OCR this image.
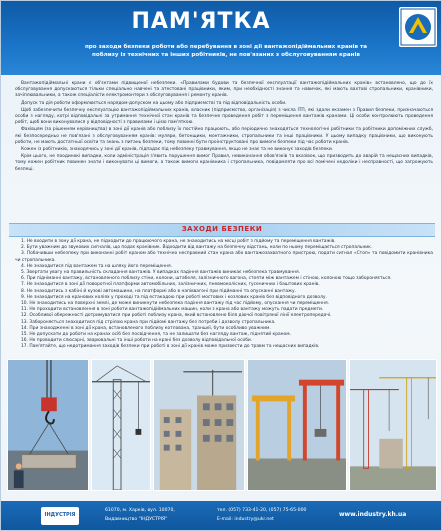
ПАМ'ЯТКА
про заходи безпеки роботи або перебування в зоні дії вантажопідіймальних кранів та поблизу із технічних та інших робітників, не пов'язаних з обслуговуванням кранів

Вантажопідіймальні крани є об'єктами підвищеної небезпеки. «Правилами будови та безпечної експлуатації вантажопідіймальних кранів» встановлено, що до їх обслуговування допускаються тільки спеціально навчені та атестовані працівники, яким, при необхідності знання та навичок, які мають вахтові стропальники, кранівники, зачіплювальники, а також спеціалісти електромонтери з обслуговування і ремонту кранів.

Допуск та дія роботи оформлюється нарядом-допуском на цьому або підприємстві та під відповідальність особи.

Щоб забезпечити безпечну експлуатацію вантажопідіймальних кранів, власник (підприємство, організація) з числа ІТП, які здали екзамен з Правил безпеки, призначаються особи з нагляду, котрі відповідальні за утримання технічної стан кранів та безпечне проведення робіт з переміщення вантажів кранами. Ці особи контролюють проведення робіт, щоб вони виконувалися у відповідності з правилами і цією пам'яткою.

Фахівцям (за рішенням керівництва) в зоні дії кранів або поблизу їх постійно працюють, або періодично знаходяться технологічні робітники та робітники допоміжних служб, які безпосередньо не пов'язані з обслуговуванням кранів: муляри, бетонщики, монтажники, стропальники та інші працівники. У цьому випадку працівники, що виконують роботи, не мають достатньої освіти та знань з питань безпеки, тому повинні бути проінструктовані про вимоги безпеки під час роботи кранів.

Кожен із робітників, знаходячись у зоні дії кранів, підпадає під небезпеку травмування, якщо не знає та не виконує заходів безпеки.

Крім цього, не поодинокі випадки, коли адміністрація з'явить порушення вимог Правил, невиконання обов'язків та вказівок, що призводить до аварій та нещасних випадків, тому кожен робітник повинен знати і виконувати ці вимоги, а також вимоги кранівника і стропальника, повідомляти про всі помічені недоліки і несправності, що загрожують безпеці.

ЗАХОДИ БЕЗПЕКИ
1. Не входити в зону дії крана, не підходити до працюючого крана, не знаходитись на місці робіт з підйому та переміщення вантажів.
2. Бути уважним до звукових сигналів, що подає кранівник. Відходити від вантажу на безпечну відстань, коли по ньому переміщається стропальник.
3. Побачивши небезпеку при виконанні робіт краном або технічно несправний стан крана або вантажозахватного пристрою, подати сигнал «Стоп» та повідомити кранівника чи стропальника.
4. Не знаходитися під вантажем та на шляху його переміщення.
5. Звертати увагу на правильність складання вантажів. У випадках падіння вантажів виникає небезпека травмування.
6. При підніманні вантажу, встановленого поблизу стіни, колони, штабеля, залізничного вагона, стояти між вантажем і стіною, колоною тощо забороняється.
7. Не знаходитися в зоні дії поворотної платформи автомобільних, залізничних, пневмоколісних, гусеничних і баштових кранів.
8. Не знаходитись з кабіні й кузові автомашини, на платформі або в напіввагоні при підйманні та опусканні вантажу.
9. Не знаходитися на кранових коліях у проході та під естакадою при роботі мостових і козлових кранів без відповідного дозволу.
10. Не знаходитись на поверхні землі, де може виникнути небезпека падіння вантажу під час підйому, опускання чи переміщення.
11. Не проходити встановлення в зоні роботи вантажопідіймальних машин, коли з крана або вантажу можуть падати предмети.
12. Особливої обережності дотримуватися при роботі поблизу крана, який встановлено біля діючої повітряної лінії електропередачі.
13. Забороняється знаходитися під стрілою крана при підйомі вантажу без потреби і дозволу стропальника.
14. При знаходженні в зоні дії крана, встановленого поблизу котлована, траншеї, бути особливо уважним.
15. Не допускати до роботи на кранах осіб без посвідчення, та не залишати без нагляду вантаж, піднятий краном.
16. Не проводити слюсарні, зварювальні та інші роботи на крані без дозволу відповідальної особи.
17. Пам'ятайте, що недотримання заходів безпеки при роботі в зоні дії кранів може призвести до травм та нещасних випадків.
ІНДУСТРІЯ
61070, м. Харків, вул. 10070,
Видавництво "ІНДУСТРІЯ"
тел. (057) 733-41-20, (057) 75-65-000
E-mail: industry@ukr.net
www.industry.kh.ua
